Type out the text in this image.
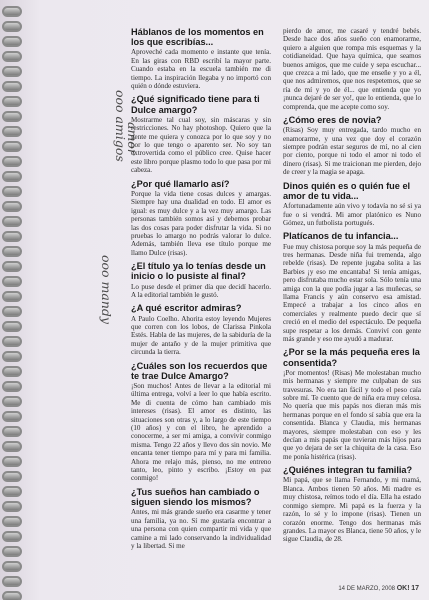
amor
ooo mandy
ooo amigos
Háblanos de los momentos en los que escribías...
Aproveché cada momento e instante que tenía. En las giras con RBD escribí la mayor parte. Cuando estaba en la escuela también me di tiempo. La inspiración llegaba y no importó con quién o dónde estuviera.
¿Qué significado tiene para ti Dulce amargo?
Mostrarme tal cual soy, sin máscaras y sin restricciones. No hay photoshop. Quiero que la gente me quiera y conozca por lo que soy y no por lo que tengo o aparento ser. No soy tan extrovertida como el público cree. Quise hacer este libro porque plasmo todo lo que pasa por mi cabeza.
¿Por qué llamarlo así?
Porque la vida tiene cosas dulces y amargas. Siempre hay una dualidad en todo. El amor es igual: es muy dulce y a la vez muy amargo. Las personas también somos así y debemos probar las dos cosas para poder disfrutar la vida. Si no pruebas lo amargo no podrás valorar lo dulce. Además, también lleva ese título porque me llamo Dulce (risas).
¿El título ya lo tenías desde un inicio o lo pusiste al final?
Lo puse desde el primer día que decidí hacerlo. A la editorial también le gustó.
¿A qué escritor admiras?
A Paulo Coelho. Ahorita estoy leyendo Mujeres que corren con los lobos, de Clarissa Pinkola Estés. Habla de las mujeres, de la sabiduría de la mujer de antaño y de la mujer primitiva que circunda la tierra.
¿Cuáles son los recuerdos que te trae Dulce Amargo?
¡Son muchos! Antes de llevar a la editorial mi última entrega, volví a leer lo que había escrito. Me di cuenta de cómo han cambiado mis intereses (risas). El amor es distinto, las situaciones son otras y, a lo largo de este tiempo (10 años) y con el libro, he aprendido a conocerme, a ser mi amiga, a convivir conmigo misma. Tengo 22 años y llevo dos sin novio. Me encanta tener tiempo para mí y para mi familia. Ahora me relajo más, pienso, no me entreno tanto, leo, pinto y escribo. ¡Estoy en paz conmigo!
¿Tus sueños han cambiado o siguen siendo los mismos?
Antes, mi más grande sueño era casarme y tener una familia, ya no. Sí me gustaría encontrar a una persona con quien compartir mi vida y que camine a mi lado conservando la individualidad y la libertad. Si me
pierdo de amor, me casaré y tendré bebés. Desde hace dos años sueño con enamorarme, quiero a alguien que rompa mis esquemas y la cotidianeidad. Que haya química, que seamos buenos amigos, que me cuide y sepa escuchar... que crezca a mi lado, que me enseñe y yo a él, que nos admiremos, que nos respetemos, que se ría de mí y yo de él... que entienda que yo ¡nunca dejaré de ser yo!, que lo entienda, que lo comprenda, que me acepte como soy.
¿Cómo eres de novia?
(Risas) Soy muy entregada, tardo mucho en enamorarme, y una vez que doy el corazón siempre podrán estar seguros de mí, no al cien por ciento, porque ni todo el amor ni todo el dinero (risas). Si me traicionan me pierden, dejo de creer y la magia se apaga.
Dinos quién es o quién fue el amor de tu vida...
Afortunadamente aún vivo y todavía no sé si ya fue o si vendrá. Mi amor platónico es Nuno Gómez, un futbolista portugués.
Platícanos de tu infancia...
Fue muy chistosa porque soy la más pequeña de tres hermanas. Desde niña fui tremenda, algo rebelde (risas). De repente jugaba solita a las Barbies ¡y eso me encantaba! Si tenía amigas, pero disfrutaba mucho estar sola. Sólo tenía una amiga con la que podía jugar a las muñecas, se llama Francis y aún conservo esa amistad. Empecé a trabajar a los cinco años en comerciales y realmente puedo decir que sí creció en el medio del espectáculo. De pequeña supe respetar a los demás. Conviví con gente más grande y eso me ayudó a madurar.
¿Por se la más pequeña eres la consentida?
¡Por momentos! (Risas) Me molestaban mucho mis hermanas y siempre me culpaban de sus travesuras. No era tan fácil y todo el peso caía sobre mí. Te cuento que de niña era muy celosa. No quería que mis papás nos dieran más mis hermanas porque en el fondo sí sabía que era la consentida. Blanca y Claudia, mis hermanas mayores, siempre molestaban con eso y les decían a mis papás que tuvieran más hijos para que yo dejara de ser la chiquita de la casa. Eso me ponía histérica (risas).
¿Quiénes integran tu familia?
Mi papá, que se llama Fernando, y mi mamá, Blanca. Ambos tienen 50 años. Mi madre es muy chistosa, reímos todo el día. Ella ha estado conmigo siempre. Mi papá es la fuerza y la razón, lo sé y lo impone (risas). Tienen un corazón enorme. Tengo dos hermanas más grandes. La mayor es Blanca, tiene 50 años, y le sigue Claudia, de 28.
14 DE MARZO, 2008 OK! 17
